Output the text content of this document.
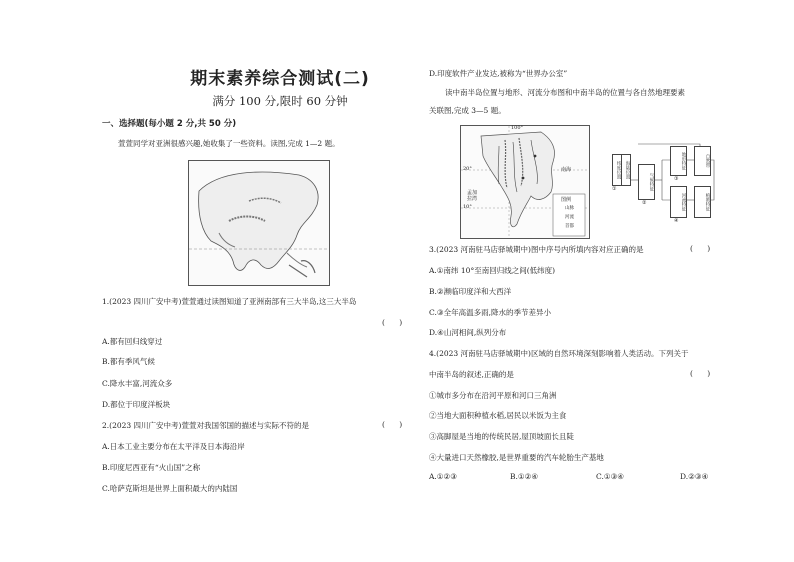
期末素养综合测试(二)
满分 100 分,限时 60 分钟
一、选择题(每小题 2 分,共 50 分)
萱萱同学对亚洲很感兴趣,她收集了一些资料。读图,完成 1—2 题。
1.(2023 四川广安中考)萱萱通过读图知道了亚洲南部有三大半岛,这三大半岛
(      )
A.都有回归线穿过
B.都有季风气候
C.降水丰富,河流众多
D.都位于印度洋板块
2.(2023 四川广安中考)萱萱对我国邻国的描述与实际不符的是	(      )
A.日本工业主要分布在太平洋及日本海沿岸
B.印度尼西亚有“火山国”之称
C.哈萨克斯坦是世界上面积最大的内陆国
D.印度软件产业发达,被称为“世界办公室”
读中南半岛位置与地形、河流分布图和中南半岛的位置与各自然地理要素
关联图,完成 3—5 题。
100°
20°
10°
孟加拉湾
南海
图例
山脉
河流
首都
纬度位置 海陆位置
气候特征
地形特征
河流特征
自然带
植被特征
①
②
③
④
3.(2023 河南驻马店驿城期中)图中序号内所填内容对应正确的是	(      )
A.①南纬 10°至南回归线之间(低纬度)
B.②濒临印度洋和大西洋
C.③全年高温多雨,降水的季节差异小
D.④山河相间,纵列分布
4.(2023 河南驻马店驿城期中)区域的自然环境深刻影响着人类活动。下列关于
中南半岛的叙述,正确的是	(      )
①城市多分布在沿河平原和河口三角洲
②当地大面积种植水稻,居民以米饭为主食
③高脚屋是当地的传统民居,屋顶坡面长且陡
④大量进口天然橡胶,是世界重要的汽车轮胎生产基地
A.①②③	B.①②④	C.①③④	D.②③④
